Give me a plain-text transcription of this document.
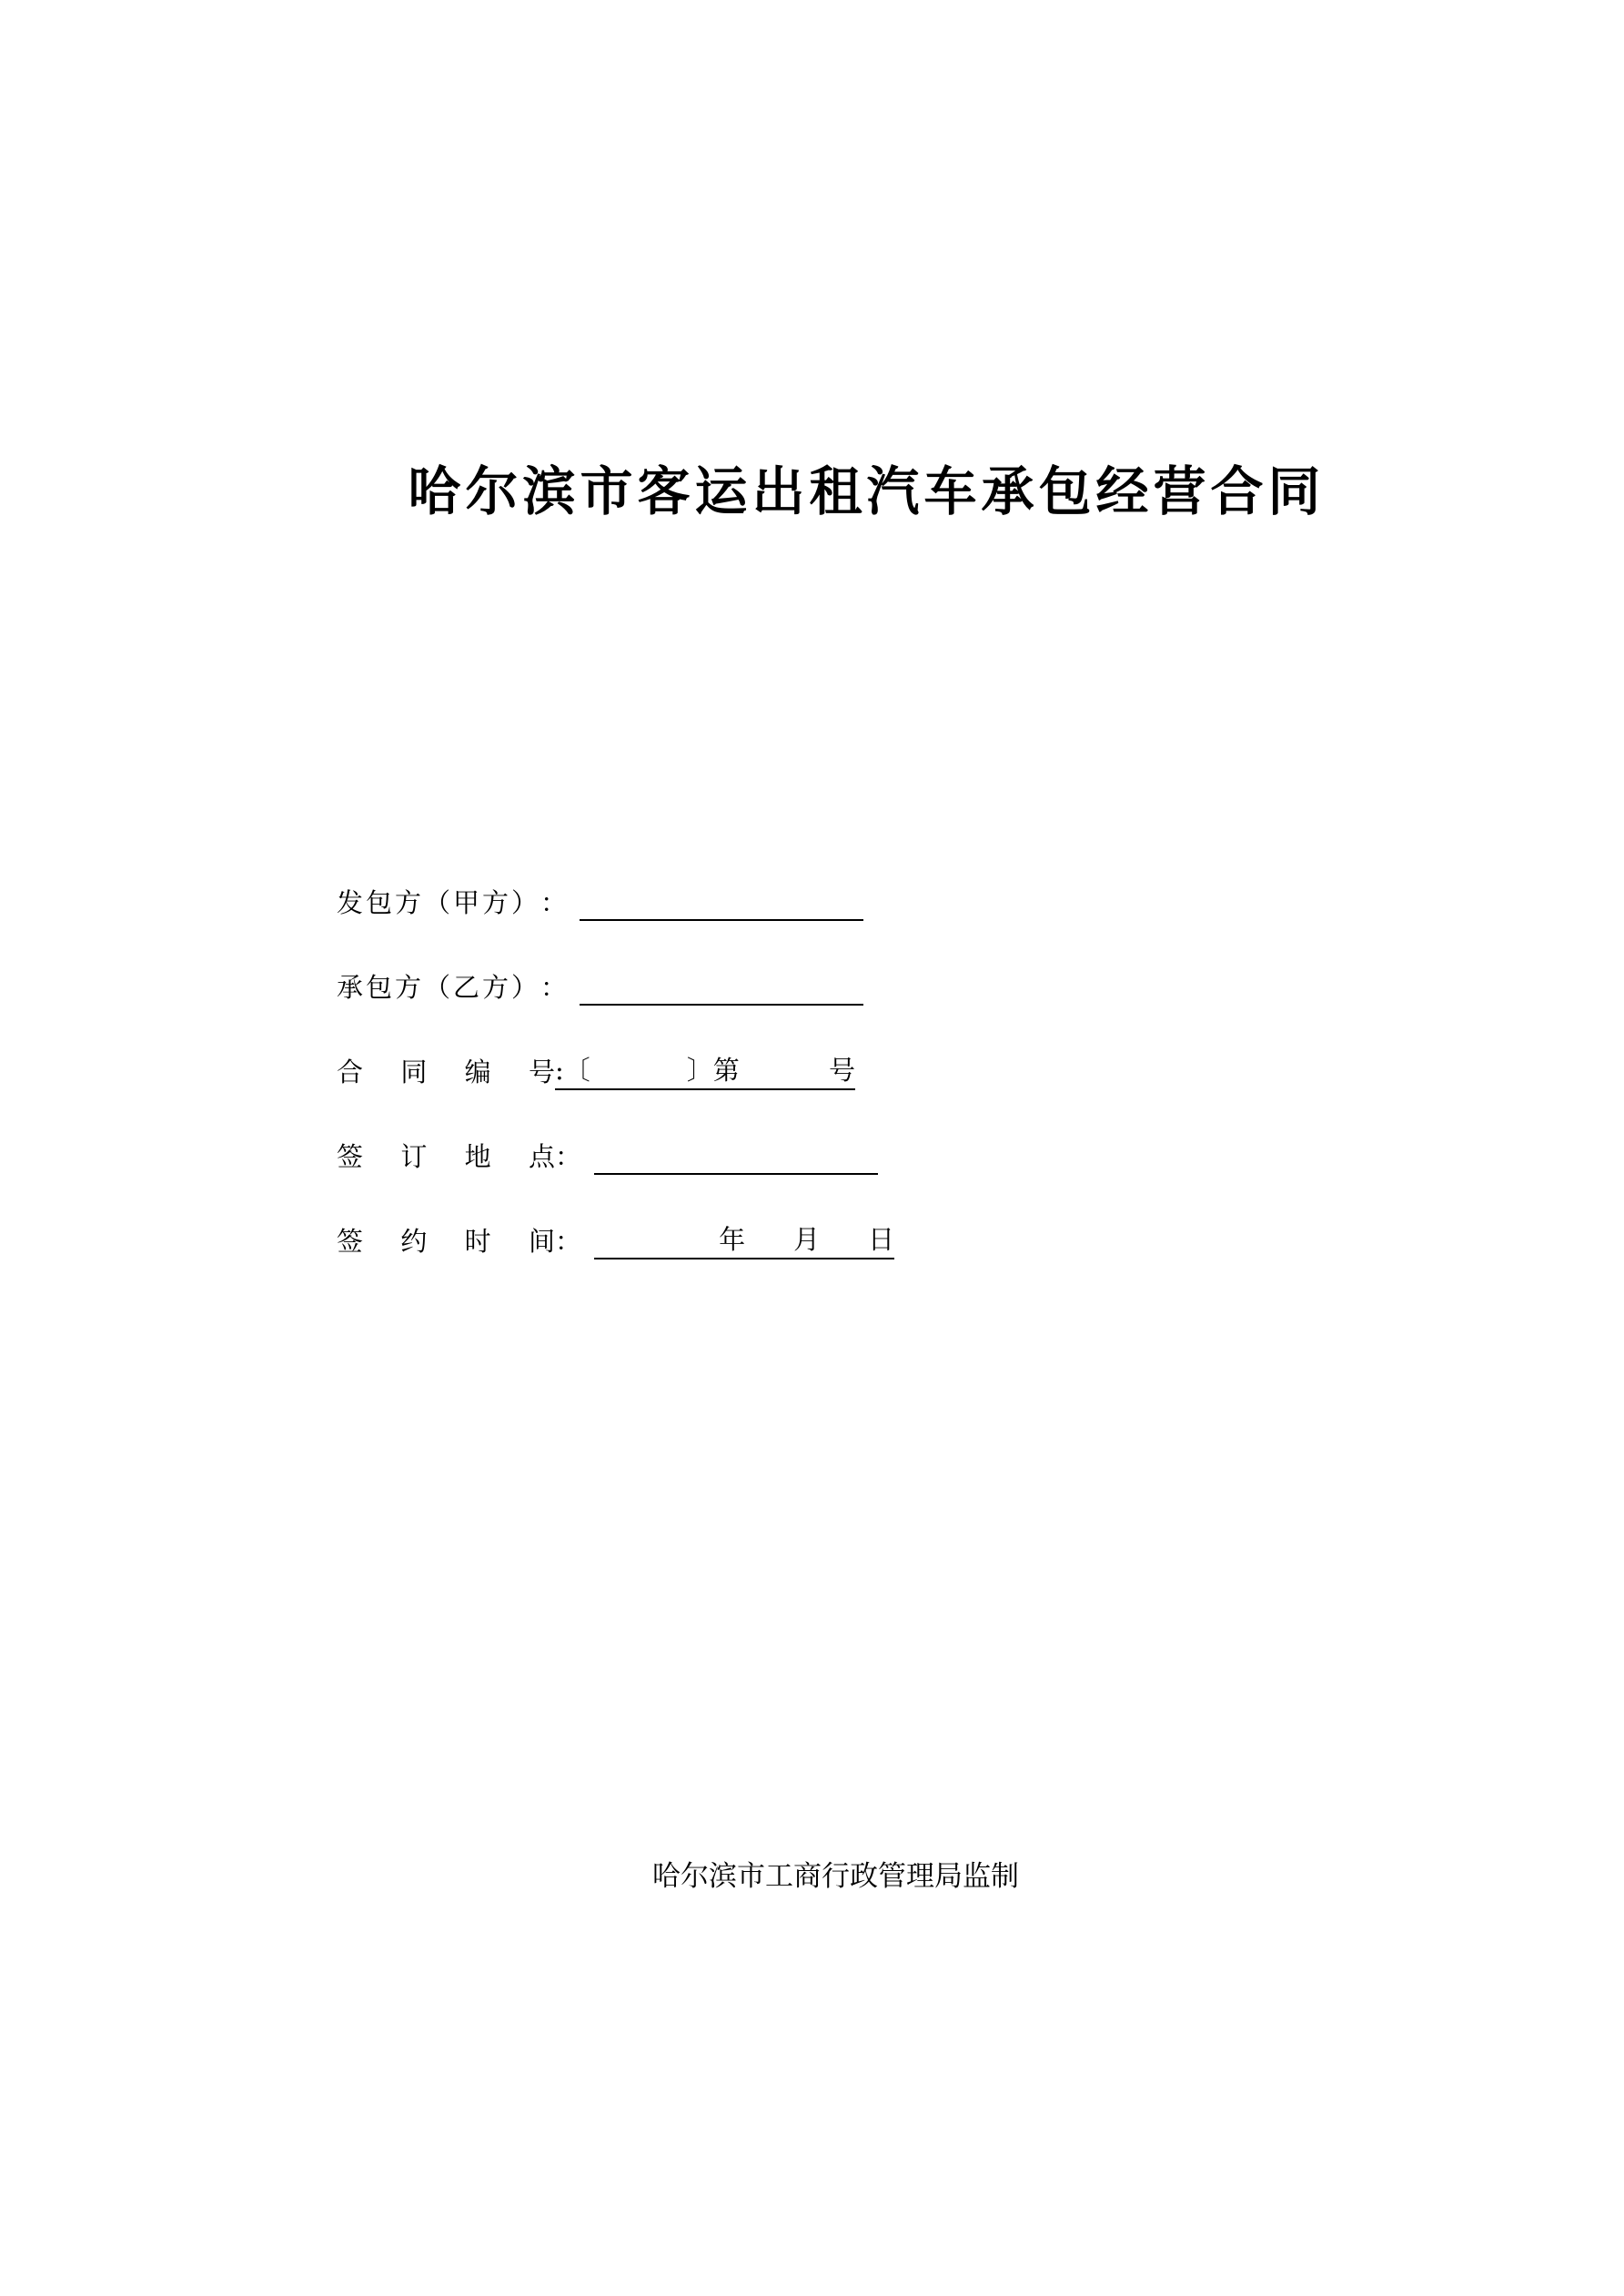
哈尔滨市客运出租汽车承包经营合同
发包方（甲方） ：
承包方（乙方） ：
合 同 编 号 : 〔	〕 第	号
签 订 地 点 ：
签 约 时 间 ：	年 月 日
哈尔滨市工商行政管理局监制
